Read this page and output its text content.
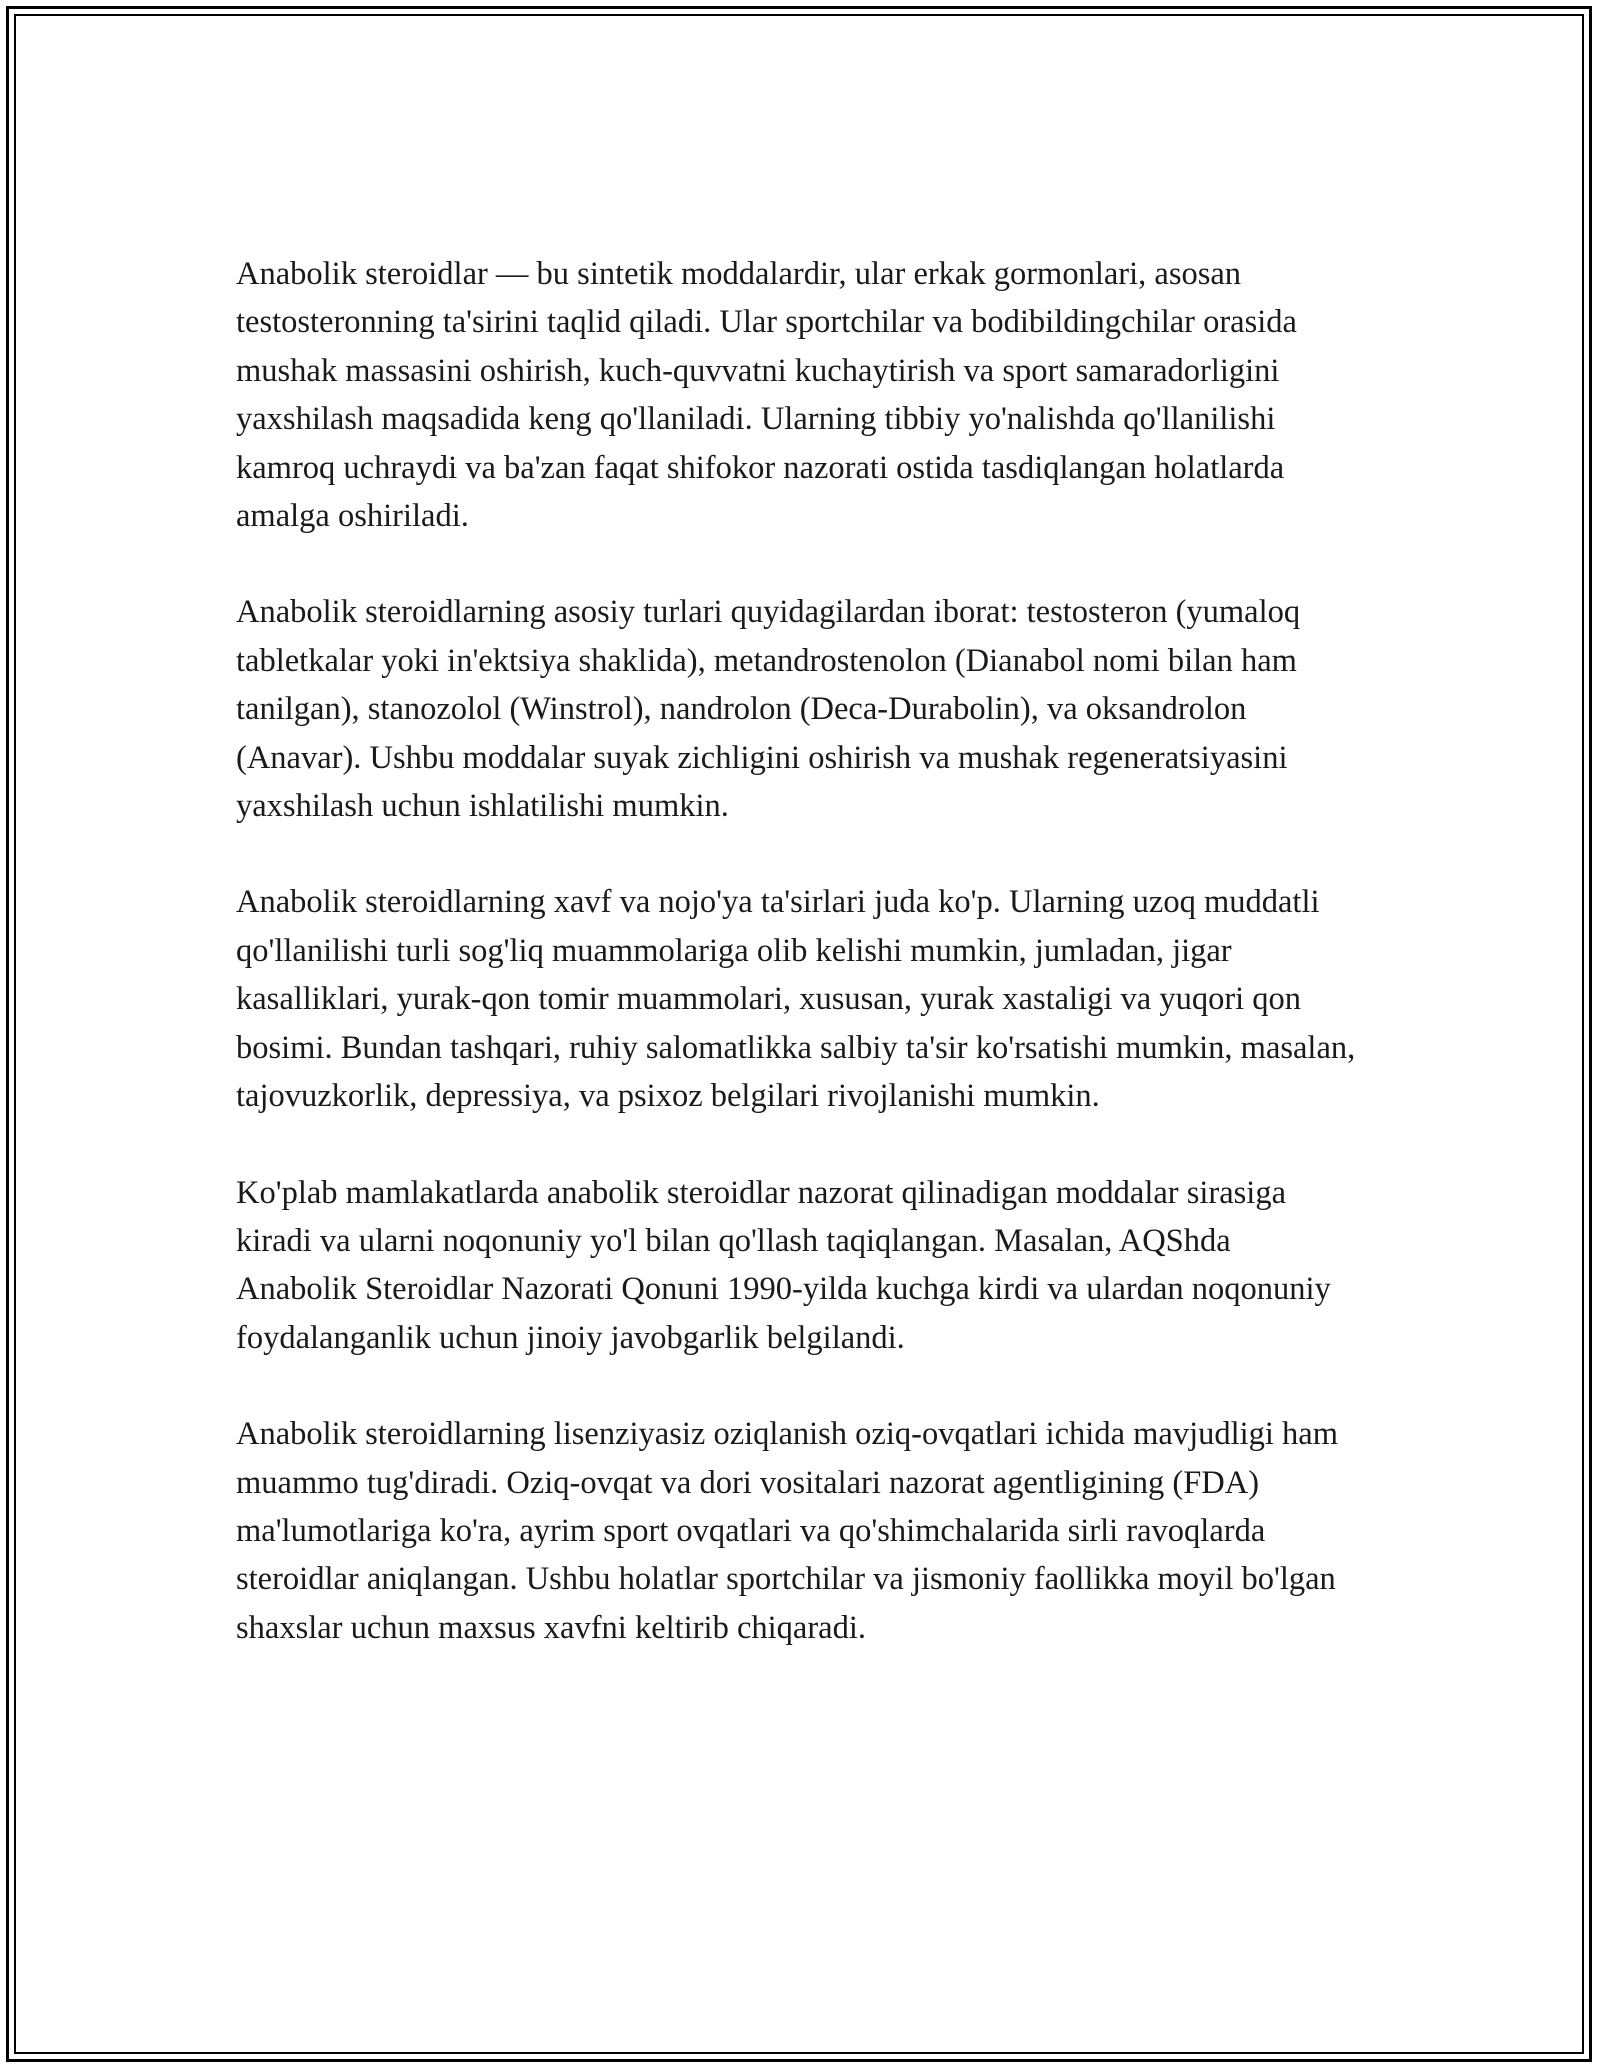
Anabolik steroidlar — bu sintetik moddalardir, ular erkak gormonlari, asosan testosteronning ta'sirini taqlid qiladi. Ular sportchilar va bodibildingchilar orasida mushak massasini oshirish, kuch-quvvatni kuchaytirish va sport samaradorligini yaxshilash maqsadida keng qo'llaniladi. Ularning tibbiy yo'nalishda qo'llanilishi kamroq uchraydi va ba'zan faqat shifokor nazorati ostida tasdiqlangan holatlarda amalga oshiriladi.

Anabolik steroidlarning asosiy turlari quyidagilardan iborat: testosteron (yumaloq tabletkalar yoki in'ektsiya shaklida), metandrostenolon (Dianabol nomi bilan ham tanilgan), stanozolol (Winstrol), nandrolon (Deca-Durabolin), va oksandrolon (Anavar). Ushbu moddalar suyak zichligini oshirish va mushak regeneratsiyasini yaxshilash uchun ishlatilishi mumkin.

Anabolik steroidlarning xavf va nojo'ya ta'sirlari juda ko'p. Ularning uzoq muddatli qo'llanilishi turli sog'liq muammolariga olib kelishi mumkin, jumladan, jigar kasalliklari, yurak-qon tomir muammolari, xususan, yurak xastaligi va yuqori qon bosimi. Bundan tashqari, ruhiy salomatlikka salbiy ta'sir ko'rsatishi mumkin, masalan, tajovuzkorlik, depressiya, va psixoz belgilari rivojlanishi mumkin.

Ko'plab mamlakatlarda anabolik steroidlar nazorat qilinadigan moddalar sirasiga kiradi va ularni noqonuniy yo'l bilan qo'llash taqiqlangan. Masalan, AQShda Anabolik Steroidlar Nazorati Qonuni 1990-yilda kuchga kirdi va ulardan noqonuniy foydalanganlik uchun jinoiy javobgarlik belgilandi.

Anabolik steroidlarning lisenziyasiz oziqlanish oziq-ovqatlari ichida mavjudligi ham muammo tug'diradi. Oziq-ovqat va dori vositalari nazorat agentligining (FDA) ma'lumotlariga ko'ra, ayrim sport ovqatlari va qo'shimchalarida sirli ravoqlarda steroidlar aniqlangan. Ushbu holatlar sportchilar va jismoniy faollikka moyil bo'lgan shaxslar uchun maxsus xavfni keltirib chiqaradi.
